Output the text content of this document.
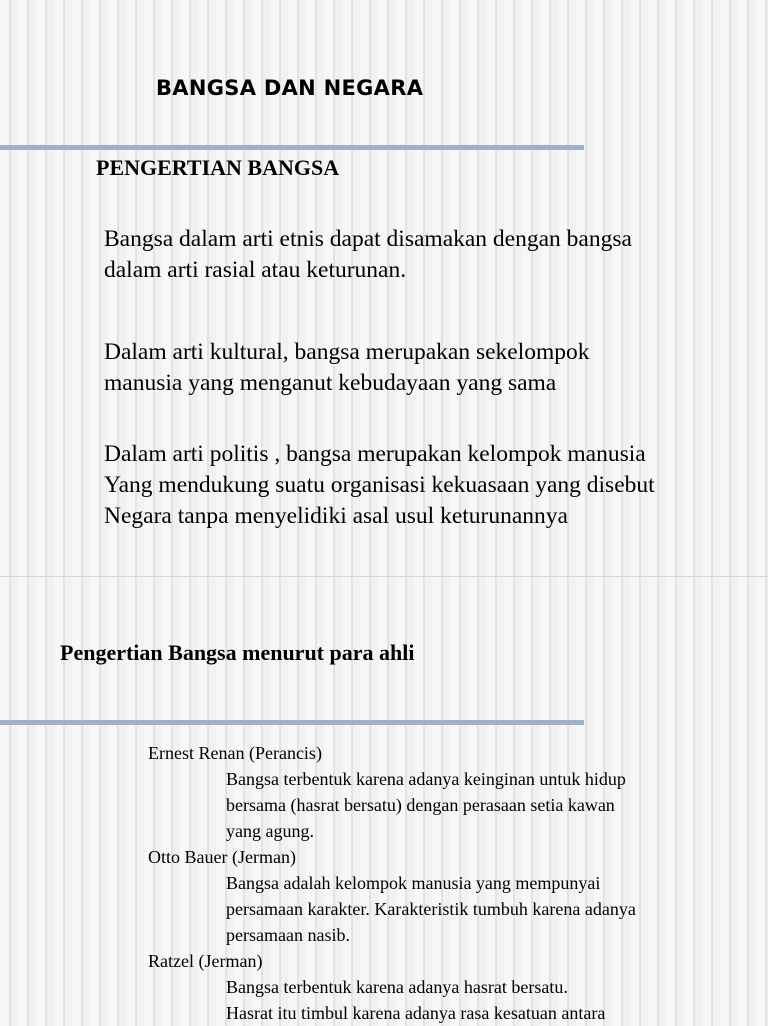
BANGSA DAN NEGARA
PENGERTIAN BANGSA

Bangsa dalam arti etnis dapat disamakan dengan bangsa
dalam arti rasial atau keturunan.

Dalam arti kultural, bangsa merupakan sekelompok
manusia yang menganut kebudayaan yang sama

Dalam arti politis , bangsa merupakan kelompok manusia
Yang mendukung suatu organisasi kekuasaan yang disebut
Negara tanpa menyelidiki asal usul keturunannya

Pengertian Bangsa menurut para ahli
Ernest Renan (Perancis)
Bangsa terbentuk karena adanya keinginan untuk hidup
bersama (hasrat bersatu) dengan perasaan setia kawan
yang agung.
Otto Bauer (Jerman)
Bangsa adalah kelompok manusia yang mempunyai
persamaan karakter. Karakteristik tumbuh karena adanya
persamaan nasib.
Ratzel (Jerman)
Bangsa terbentuk karena adanya hasrat bersatu.
Hasrat itu timbul karena adanya rasa kesatuan antara
